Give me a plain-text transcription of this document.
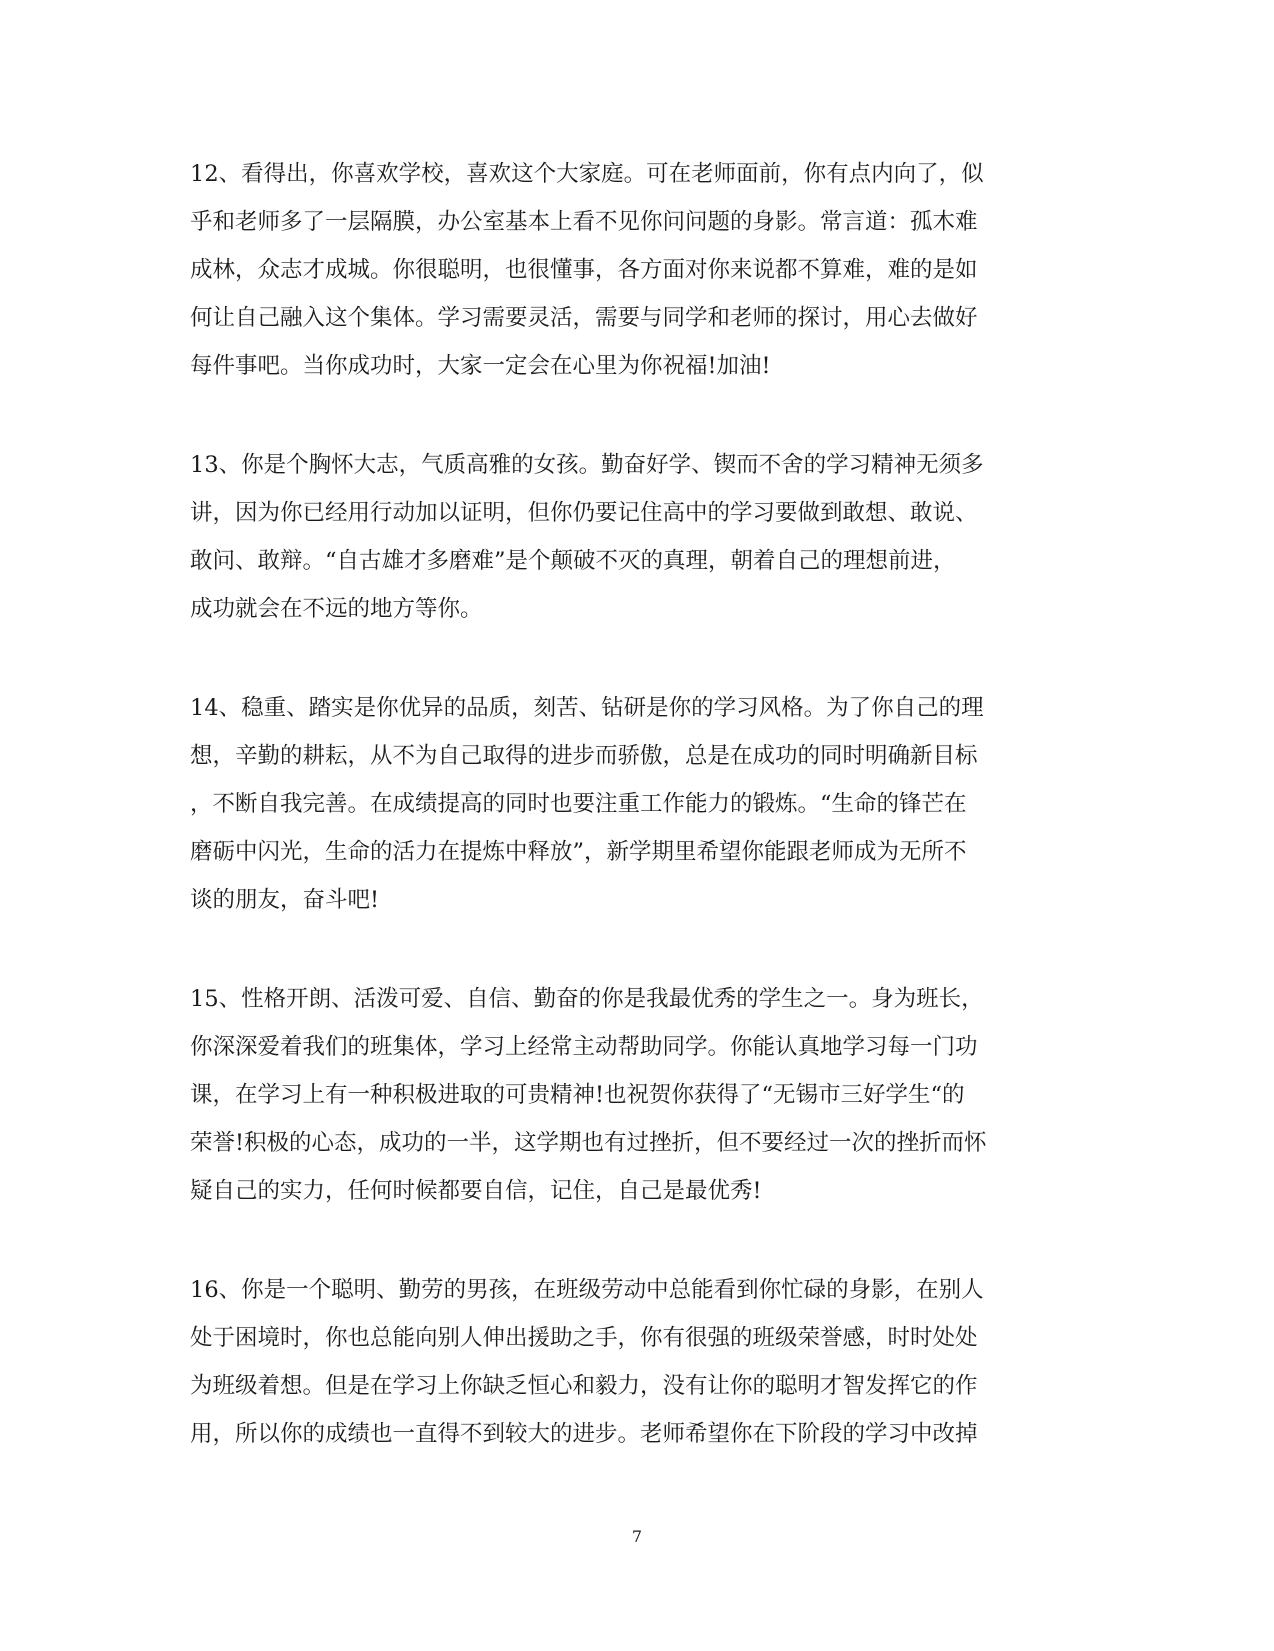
12、看得出，你喜欢学校，喜欢这个大家庭。可在老师面前，你有点内向了，似
乎和老师多了一层隔膜，办公室基本上看不见你问问题的身影。常言道：孤木难
成林，众志才成城。你很聪明，也很懂事，各方面对你来说都不算难，难的是如
何让自己融入这个集体。学习需要灵活，需要与同学和老师的探讨，用心去做好
每件事吧。当你成功时，大家一定会在心里为你祝福!加油!
13、你是个胸怀大志，气质高雅的女孩。勤奋好学、锲而不舍的学习精神无须多
讲，因为你已经用行动加以证明，但你仍要记住高中的学习要做到敢想、敢说、
敢问、敢辩。“自古雄才多磨难”是个颠破不灭的真理，朝着自己的理想前进，
成功就会在不远的地方等你。
14、稳重、踏实是你优异的品质，刻苦、钻研是你的学习风格。为了你自己的理
想，辛勤的耕耘，从不为自己取得的进步而骄傲，总是在成功的同时明确新目标
，不断自我完善。在成绩提高的同时也要注重工作能力的锻炼。“生命的锋芒在
磨砺中闪光，生命的活力在提炼中释放”，新学期里希望你能跟老师成为无所不
谈的朋友，奋斗吧!
15、性格开朗、活泼可爱、自信、勤奋的你是我最优秀的学生之一。身为班长，
你深深爱着我们的班集体，学习上经常主动帮助同学。你能认真地学习每一门功
课，在学习上有一种积极进取的可贵精神!也祝贺你获得了“无锡市三好学生“的
荣誉!积极的心态，成功的一半，这学期也有过挫折，但不要经过一次的挫折而怀
疑自己的实力，任何时候都要自信，记住，自己是最优秀!
16、你是一个聪明、勤劳的男孩，在班级劳动中总能看到你忙碌的身影，在别人
处于困境时，你也总能向别人伸出援助之手，你有很强的班级荣誉感，时时处处
为班级着想。但是在学习上你缺乏恒心和毅力，没有让你的聪明才智发挥它的作
用，所以你的成绩也一直得不到较大的进步。老师希望你在下阶段的学习中改掉
7
